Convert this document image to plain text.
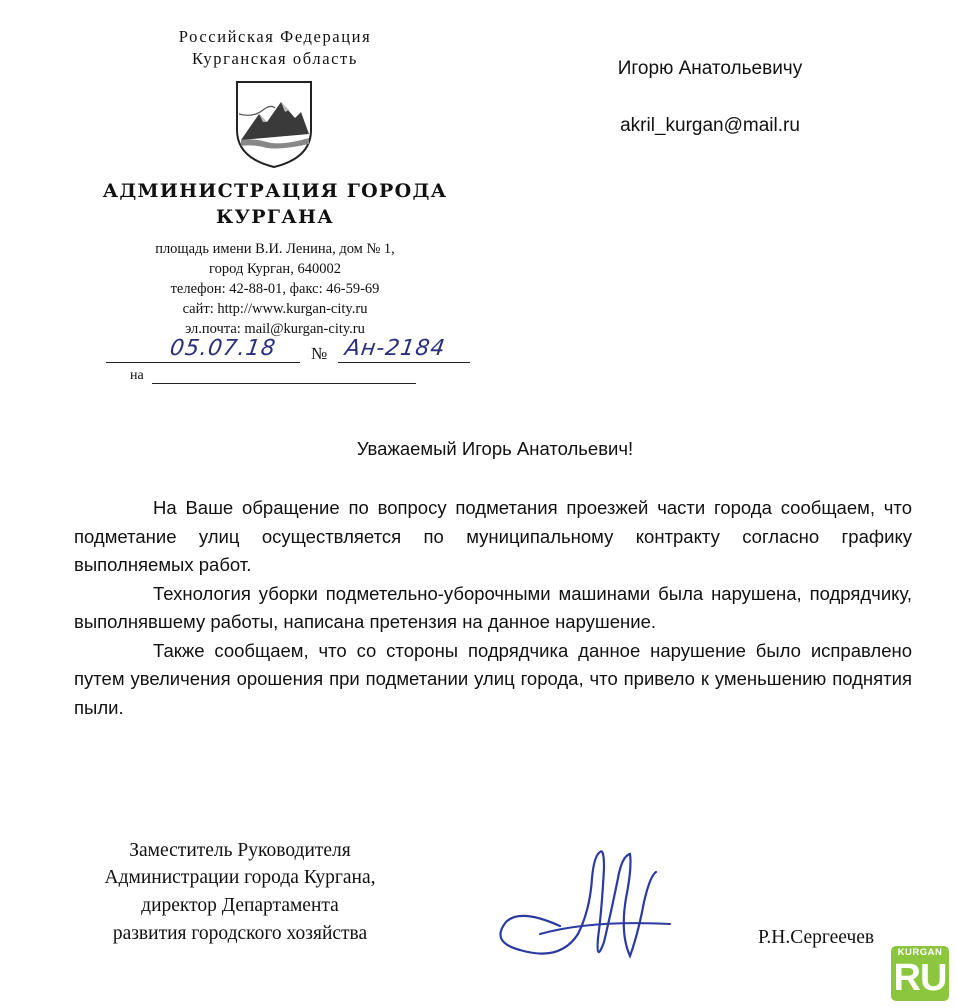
Российская Федерация
Курганская область
АДМИНИСТРАЦИЯ ГОРОДА
КУРГАНА
площадь имени В.И. Ленина, дом № 1,
город Курган, 640002
телефон: 42-88-01, факс: 46-59-69
сайт: http://www.kurgan-city.ru
эл.почта: mail@kurgan-city.ru
05.07.18 № Ан-2184
на
Игорю Анатольевичу
akril_kurgan@mail.ru
Уважаемый Игорь Анатольевич!

На Ваше обращение по вопросу подметания проезжей части города сообщаем, что подметание улиц осуществляется по муниципальному контракту согласно графику выполняемых работ.

Технология уборки подметельно-уборочными машинами была нарушена, подрядчику, выполнявшему работы, написана претензия на данное нарушение.

Также сообщаем, что со стороны подрядчика данное нарушение было исправлено путем увеличения орошения при подметании улиц города, что привело к уменьшению поднятия пыли.

Заместитель Руководителя
Администрации города Кургана,
директор Департамента
развития городского хозяйства	Р.Н.Сергеечев
KURGAN
RU
